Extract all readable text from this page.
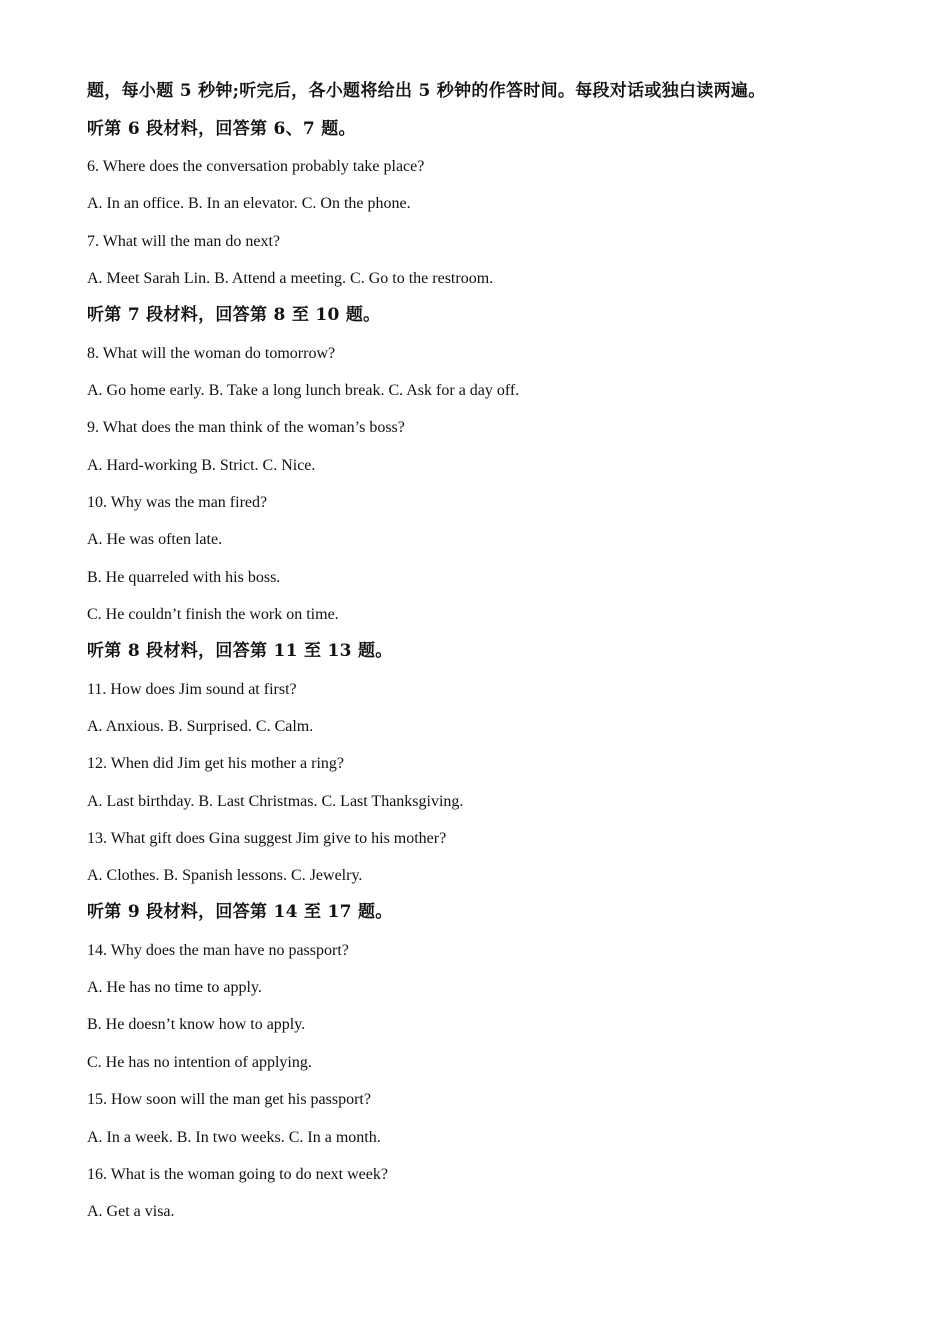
题，每小题 5 秒钟;听完后，各小题将给出 5 秒钟的作答时间。每段对话或独白读两遍。
听第 6 段材料，回答第 6、7 题。
6. Where does the conversation probably take place?
A. In an office. B. In an elevator. C. On the phone.
7. What will the man do next?
A. Meet Sarah Lin. B. Attend a meeting. C. Go to the restroom.
听第 7 段材料，回答第 8 至 10 题。
8. What will the woman do tomorrow?
A. Go home early. B. Take a long lunch break. C. Ask for a day off.
9. What does the man think of the woman’s boss?
A. Hard-working B. Strict. C. Nice.
10. Why was the man fired?
A. He was often late.
B. He quarreled with his boss.
C. He couldn’t finish the work on time.
听第 8 段材料，回答第 11 至 13 题。
11. How does Jim sound at first?
A. Anxious. B. Surprised. C. Calm.
12. When did Jim get his mother a ring?
A. Last birthday. B. Last Christmas. C. Last Thanksgiving.
13. What gift does Gina suggest Jim give to his mother?
A. Clothes. B. Spanish lessons. C. Jewelry.
听第 9 段材料，回答第 14 至 17 题。
14. Why does the man have no passport?
A. He has no time to apply.
B. He doesn’t know how to apply.
C. He has no intention of applying.
15. How soon will the man get his passport?
A. In a week. B. In two weeks. C. In a month.
16. What is the woman going to do next week?
A. Get a visa.
